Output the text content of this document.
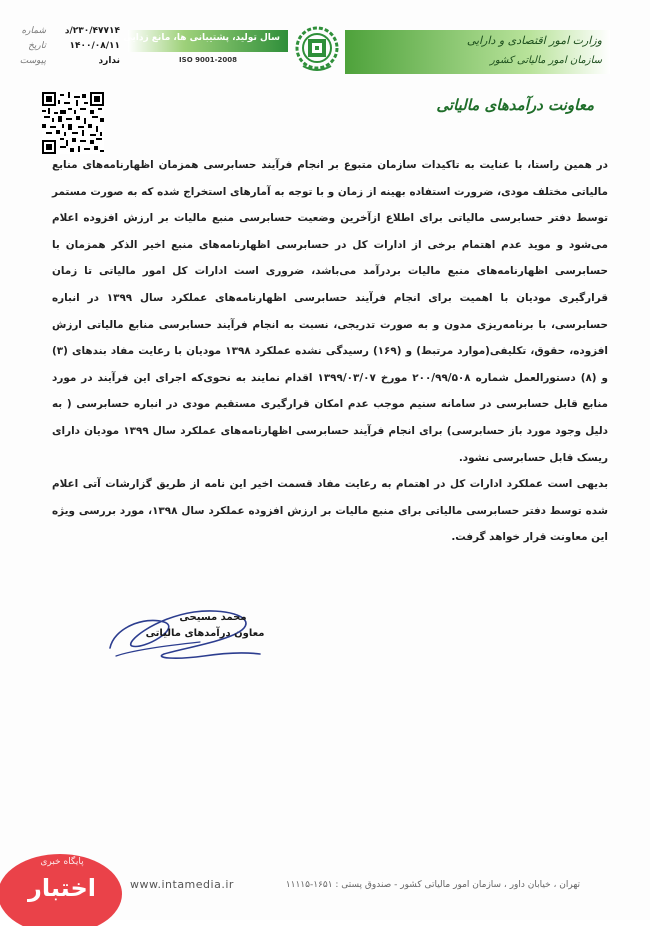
۲۳۰/۴۷۷۱۴/د
شماره
۱۴۰۰/۰۸/۱۱
تاریخ
ندارد
پیوست
سال تولید، پشتیبانی ها، مانع زدایی ها
ISO 9001-2008
وزارت امور اقتصادی و دارایی
سازمان امور مالیاتی کشور
معاونت درآمدهای مالیاتی

در همین راستا، با عنایت به تاکیدات سازمان متبوع بر انجام فرآیند حسابرسی همزمان اظهارنامه‌های منابع مالیاتی مختلف مودی، ضرورت استفاده بهینه از زمان و با توجه به آمارهای استخراج شده که به صورت مستمر توسط دفتر حسابرسی مالیاتی برای اطلاع ازآخرین وضعیت حسابرسی منبع مالیات بر ارزش افزوده اعلام می‌شود و موید عدم اهتمام برخی از ادارات کل در حسابرسی اظهارنامه‌های منبع اخیر الذکر همزمان با حسابرسی اظهارنامه‌های منبع مالیات بردرآمد می‌باشد، ضروری است ادارات کل امور مالیاتی تا زمان قرارگیری مودیان با اهمیت برای انجام فرآیند حسابرسی اظهارنامه‌های عملکرد سال ۱۳۹۹ در انباره حسابرسی، با برنامه‌ریزی مدون و به صورت تدریجی، نسبت به انجام فرآیند حسابرسی منابع مالیاتی ارزش افزوده، حقوق، تکلیفی(موارد مرتبط) و (۱۶۹) رسیدگی نشده عملکرد ۱۳۹۸ مودیان با رعایت مفاد بندهای (۳) و (۸) دستورالعمل شماره ۲۰۰/۹۹/۵۰۸ مورخ ۱۳۹۹/۰۳/۰۷ اقدام نمایند به نحوی‌که اجرای این فرآیند در مورد منابع قابل حسابرسی در سامانه سنیم موجب عدم امکان قرارگیری مستقیم مودی در انباره حسابرسی ( به دلیل وجود مورد باز حسابرسی) برای انجام فرآیند حسابرسی اظهارنامه‌های عملکرد سال ۱۳۹۹ مودیان دارای ریسک قابل حسابرسی نشود.

بدیهی است عملکرد ادارات کل در اهتمام به رعایت مفاد قسمت اخیر این نامه از طریق گزارشات آتی اعلام شده توسط دفتر حسابرسی مالیاتی برای منبع مالیات بر ارزش افزوده عملکرد سال ۱۳۹۸، مورد بررسی ویژه این معاونت قرار خواهد گرفت.

محمد مسیحی
معاون درآمدهای مالیاتی
پایگاه خبری
اختبار	www.intamedia.ir	تهران ، خیابان داور ، سازمان امور مالیاتی کشور - صندوق پستی : ۱۶۵۱-۱۱۱۱۵
